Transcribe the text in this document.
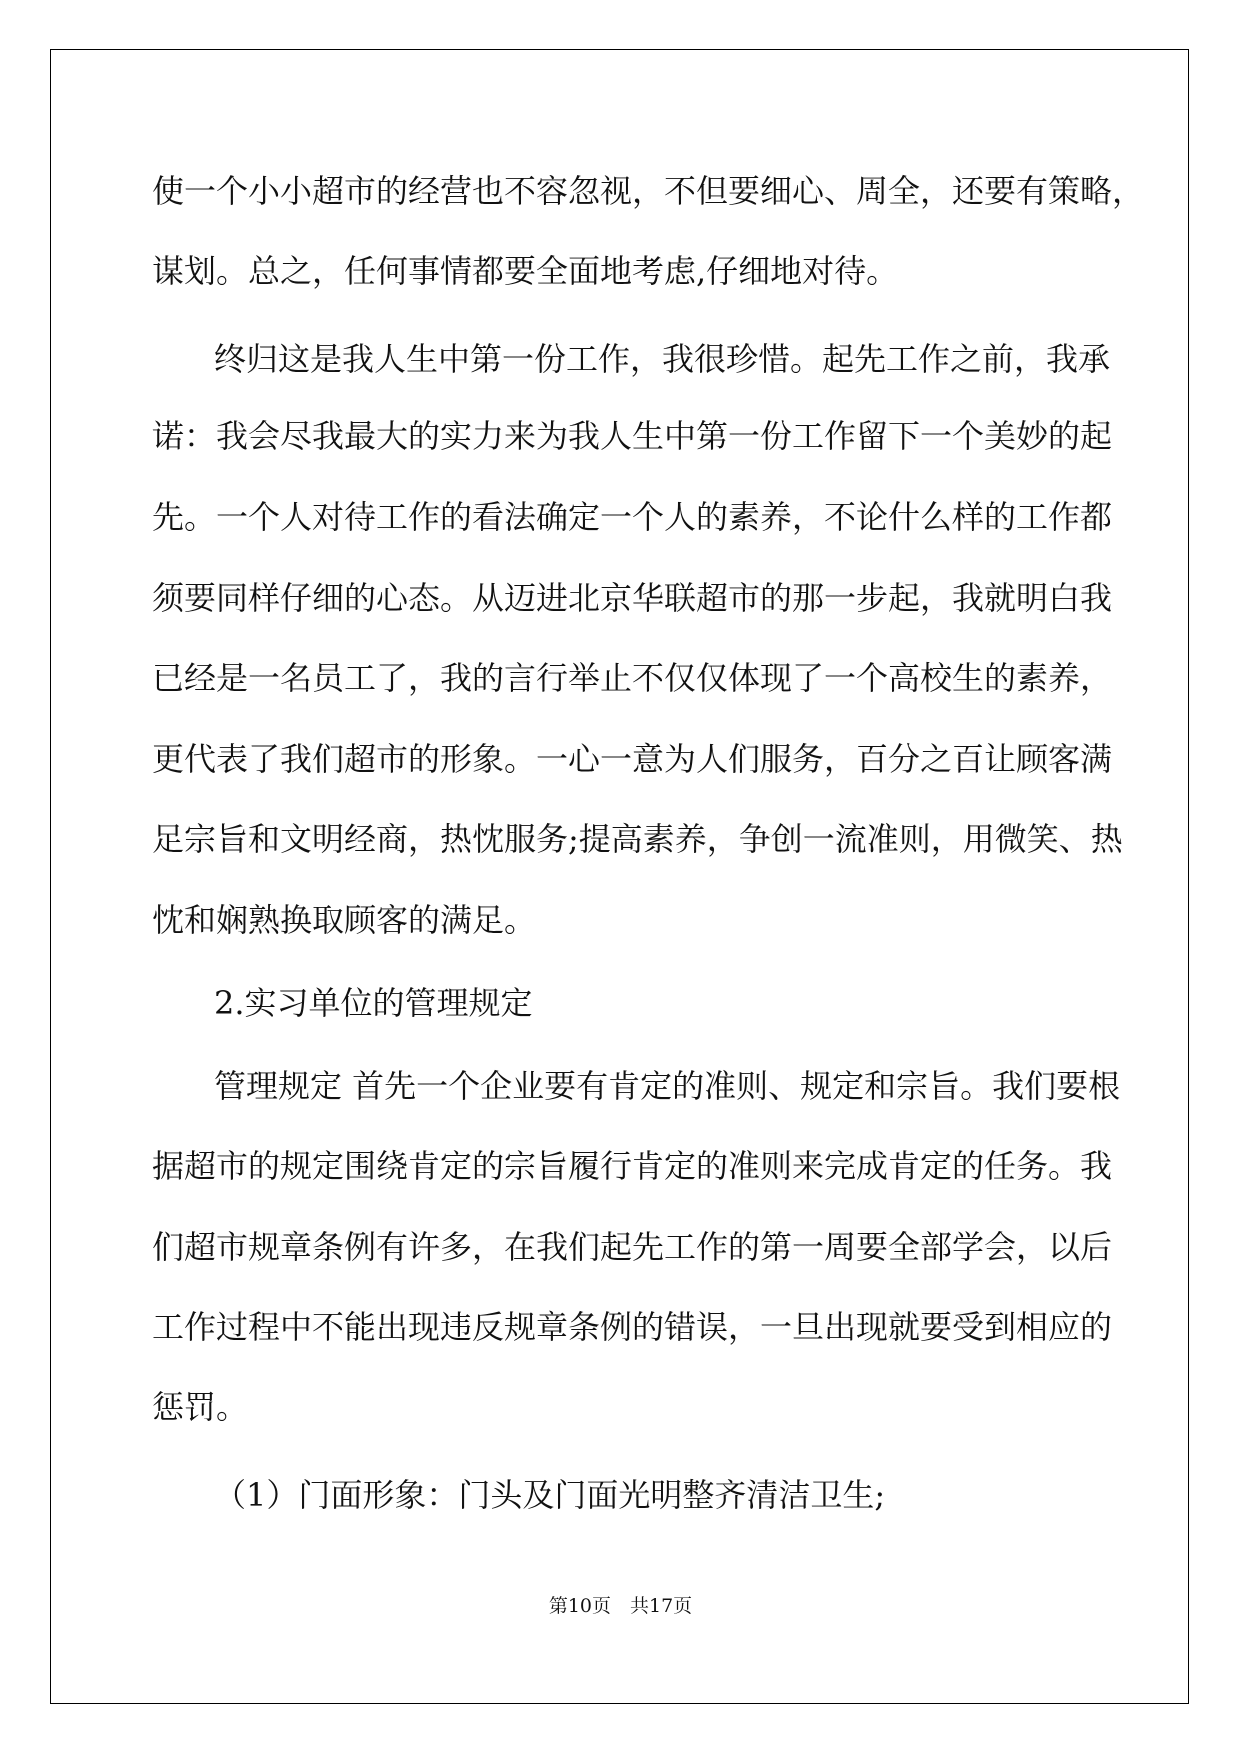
使一个小小超市的经营也不容忽视，不但要细心、周全，还要有策略，
谋划。总之，任何事情都要全面地考虑,仔细地对待。
终归这是我人生中第一份工作，我很珍惜。起先工作之前，我承
诺：我会尽我最大的实力来为我人生中第一份工作留下一个美妙的起
先。一个人对待工作的看法确定一个人的素养，不论什么样的工作都
须要同样仔细的心态。从迈进北京华联超市的那一步起，我就明白我
已经是一名员工了，我的言行举止不仅仅体现了一个高校生的素养，
更代表了我们超市的形象。一心一意为人们服务，百分之百让顾客满
足宗旨和文明经商，热忱服务;提高素养，争创一流准则，用微笑、热
忱和娴熟换取顾客的满足。
2.实习单位的管理规定
管理规定 首先一个企业要有肯定的准则、规定和宗旨。我们要根
据超市的规定围绕肯定的宗旨履行肯定的准则来完成肯定的任务。我
们超市规章条例有许多，在我们起先工作的第一周要全部学会，以后
工作过程中不能出现违反规章条例的错误，一旦出现就要受到相应的
惩罚。
（1）门面形象：门头及门面光明整齐清洁卫生;
第10页　共17页
